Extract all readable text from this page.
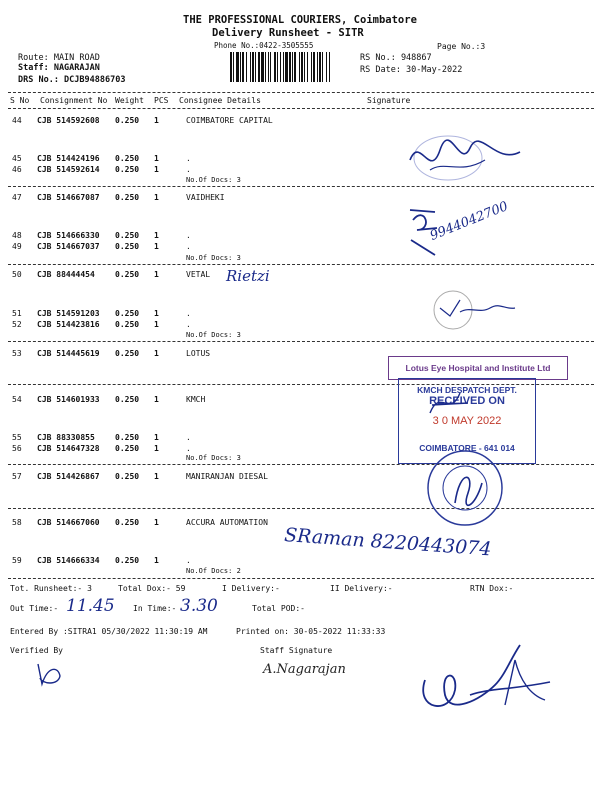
THE PROFESSIONAL COURIERS, Coimbatore
Delivery Runsheet - SITR
Phone No.:0422-3505555	Page No.:3
Route: MAIN ROAD
Staff: NAGARAJAN
DRS No.: DCJB94886703
RS No.: 948867
RS Date: 30-May-2022
S No Consignment No Weight PCS Consignee Details	Signature
44 CJB 514592608 0.250 1	COIMBATORE CAPITAL
45 CJB 514424196 0.250 1	.
46 CJB 514592614 0.250 1	.
47 CJB 514667087 0.250 1	VAIDHEKI
48 CJB 514666330 0.250 1	.
49 CJB 514667037 0.250 1	.
50 CJB 88444454	0.250 1	VETAL
51 CJB 514591203 0.250 1	.
52 CJB 514423816 0.250 1	.
53 CJB 514445619 0.250 1	LOTUS
54 CJB 514601933 0.250 1	KMCH
55 CJB 88330855	0.250 1	.
56 CJB 514647328 0.250 1	.
57 CJB 514426867 0.250 1	MANIRANJAN DIESAL
58 CJB 514667060 0.250 1	ACCURA AUTOMATION
59 CJB 514666334 0.250 1	.
No.Of Docs: 3
No.Of Docs: 3
No.Of Docs: 3
No.Of Docs: 3
No.Of Docs: 2
9944042700
Rietzi
Lotus Eye Hospital and Institute Ltd
KMCH DESPATCH DEPT.
RECEIVED ON
3 0 MAY 2022
COIMBATORE - 641 014
SRaman 8220443074
Tot. Runsheet:- 3	Total Dox:- 59	I Delivery:-	II Delivery:-	RTN Dox:-
Out Time:- 11.45 In Time:- 3.30	Total POD:-
Entered By :SITRA1 05/30/2022 11:30:19 AM	Printed on: 30-05-2022 11:33:33
Verified By	Staff Signature
A.Nagarajan
